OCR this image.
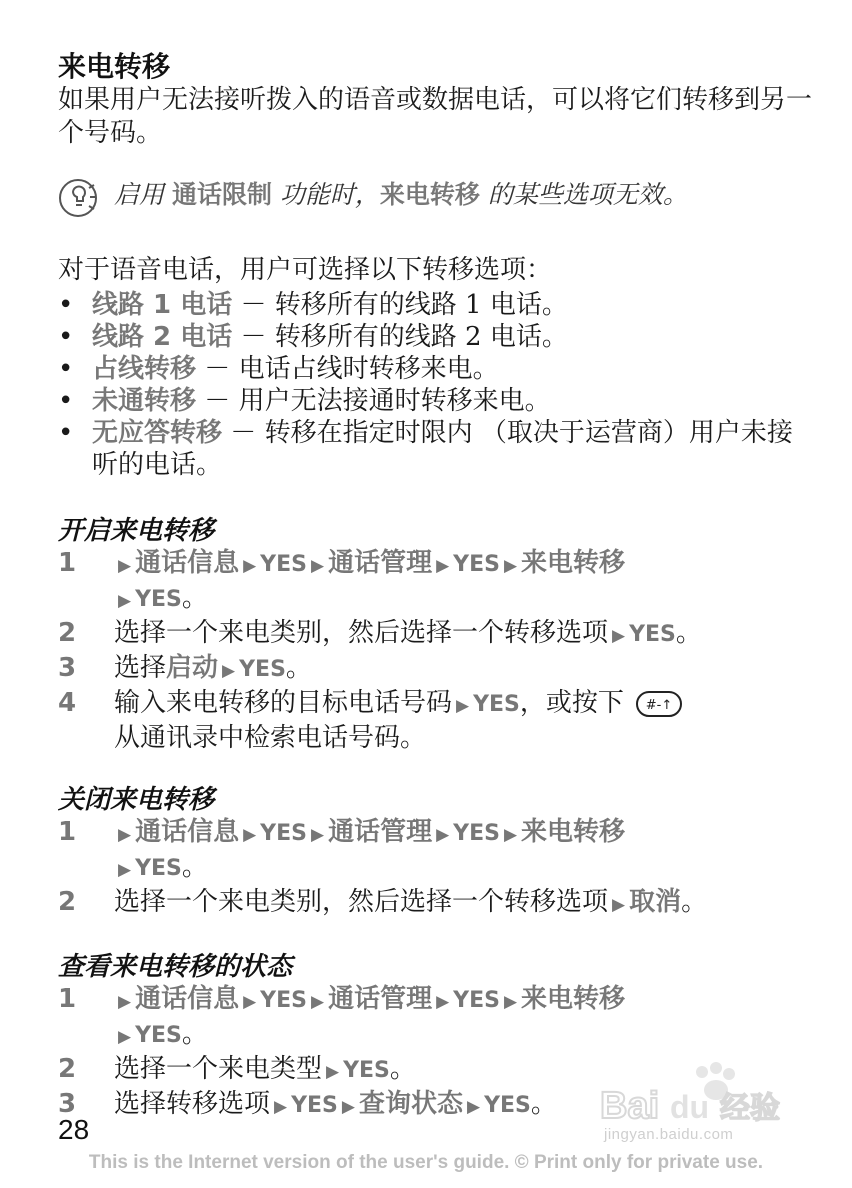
来电转移
如果用户无法接听拨入的语音或数据电话，可以将它们转移到另一个号码。
启用 通话限制 功能时，来电转移 的某些选项无效。
对于语音电话，用户可选择以下转移选项：
• 线路 1 电话 － 转移所有的线路 1 电话。
• 线路 2 电话 － 转移所有的线路 2 电话。
• 占线转移 － 电话占线时转移来电。
• 未通转移 － 用户无法接通时转移来电。
• 无应答转移 － 转移在指定时限内 （取决于运营商）用户未接听的电话。
开启来电转移
1	▶ 通话信息 ▶ YES ▶ 通话管理 ▶ YES ▶ 来电转移
▶ YES。
2	选择一个来电类别，然后选择一个转移选项 ▶ YES。
3	选择启动 ▶ YES。
4	输入来电转移的目标电话号码 ▶ YES，或按下 #-↑

从通讯录中检索电话号码。
关闭来电转移
1	▶ 通话信息 ▶ YES ▶ 通话管理 ▶ YES ▶ 来电转移
▶ YES。
2	选择一个来电类别，然后选择一个转移选项 ▶ 取消。
查看来电转移的状态
1	▶ 通话信息 ▶ YES ▶ 通话管理 ▶ YES ▶ 来电转移
▶ YES。
2	选择一个来电类型 ▶ YES。
3	选择转移选项 ▶ YES ▶ 查询状态 ▶ YES。	Bai du 经验
jingyan.baidu.com
28
This is the Internet version of the user's guide. © Print only for private use.
